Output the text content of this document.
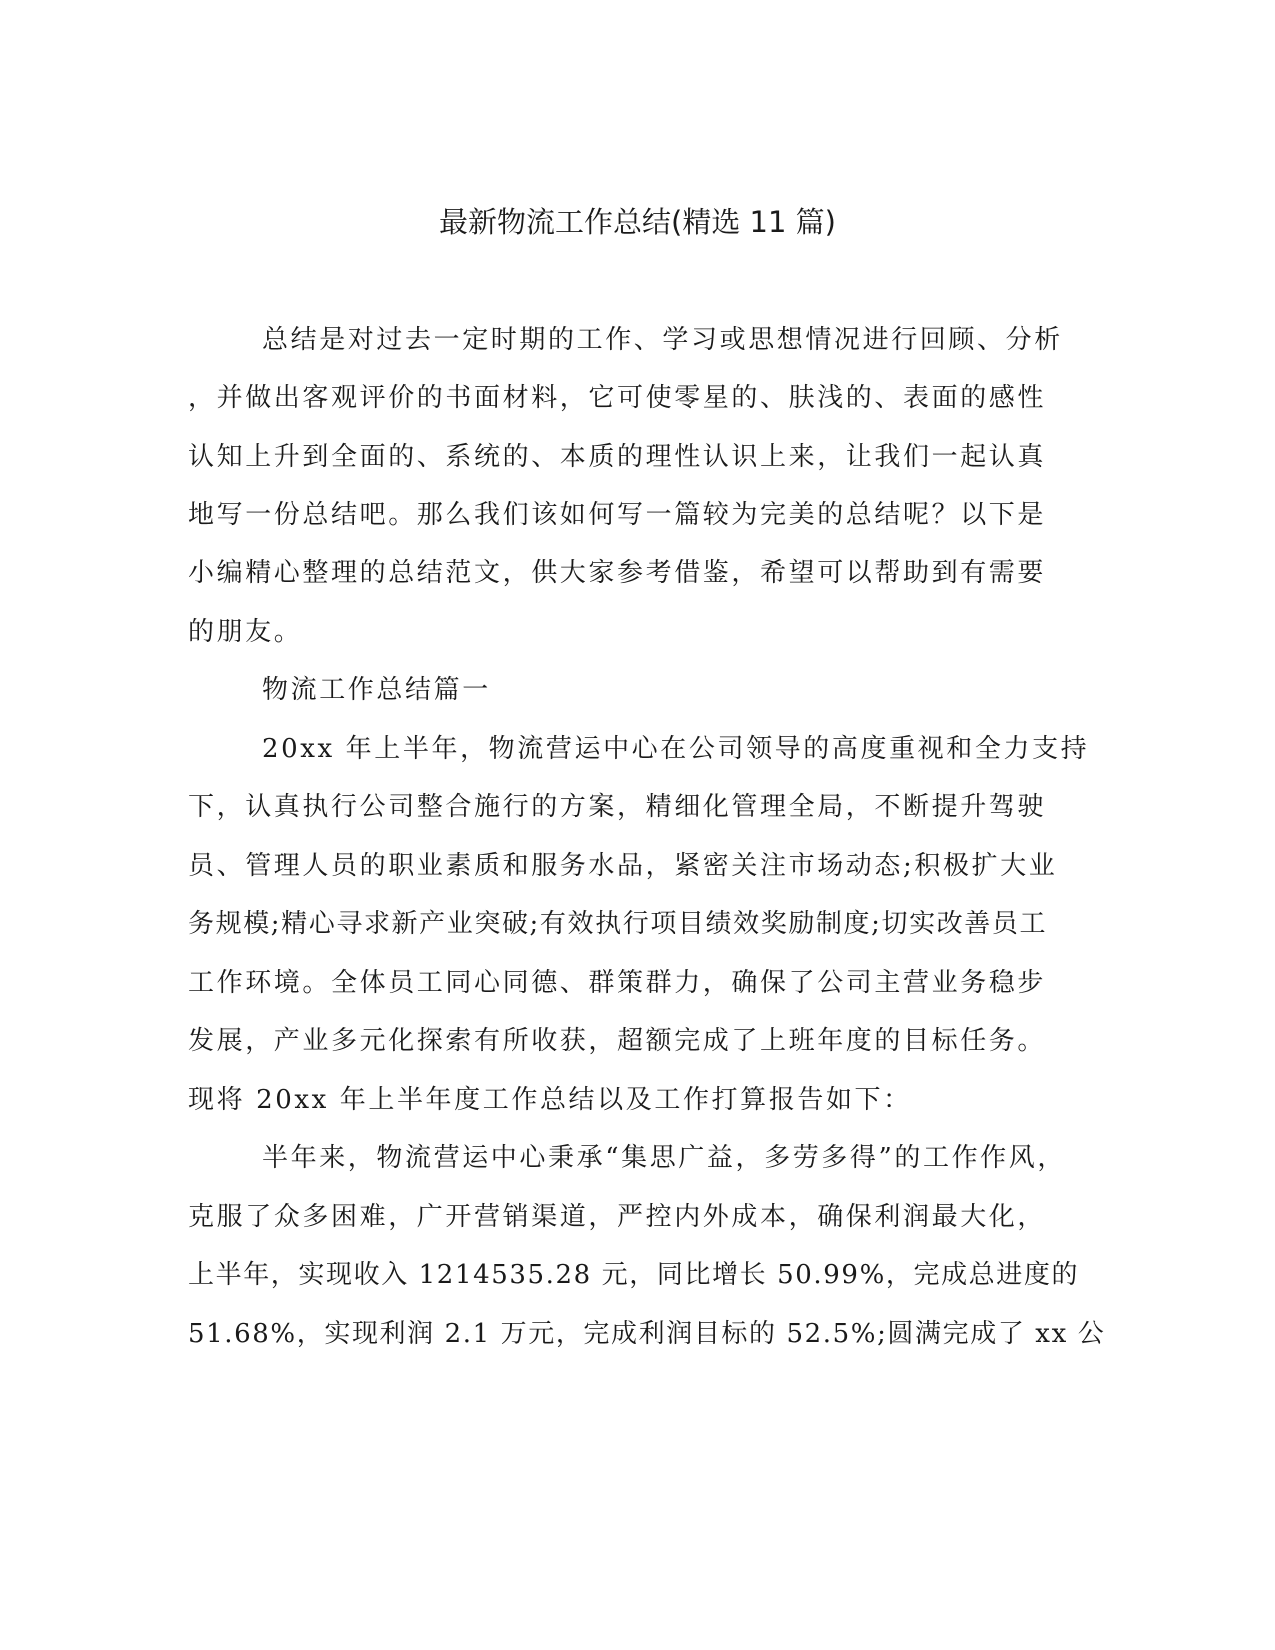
最新物流工作总结(精选 11 篇)
总结是对过去一定时期的工作、学习或思想情况进行回顾、分析
，并做出客观评价的书面材料，它可使零星的、肤浅的、表面的感性
认知上升到全面的、系统的、本质的理性认识上来，让我们一起认真
地写一份总结吧。那么我们该如何写一篇较为完美的总结呢？以下是
小编精心整理的总结范文，供大家参考借鉴，希望可以帮助到有需要
的朋友。
物流工作总结篇一
20xx 年上半年，物流营运中心在公司领导的高度重视和全力支持
下，认真执行公司整合施行的方案，精细化管理全局，不断提升驾驶
员、管理人员的职业素质和服务水品，紧密关注市场动态;积极扩大业
务规模;精心寻求新产业突破;有效执行项目绩效奖励制度;切实改善员工
工作环境。全体员工同心同德、群策群力，确保了公司主营业务稳步
发展，产业多元化探索有所收获，超额完成了上班年度的目标任务。
现将 20xx 年上半年度工作总结以及工作打算报告如下：
半年来，物流营运中心秉承“集思广益，多劳多得”的工作作风，
克服了众多困难，广开营销渠道，严控内外成本，确保利润最大化，
上半年，实现收入 1214535.28 元，同比增长 50.99%，完成总进度的
51.68%，实现利润 2.1 万元，完成利润目标的 52.5%;圆满完成了 xx 公
